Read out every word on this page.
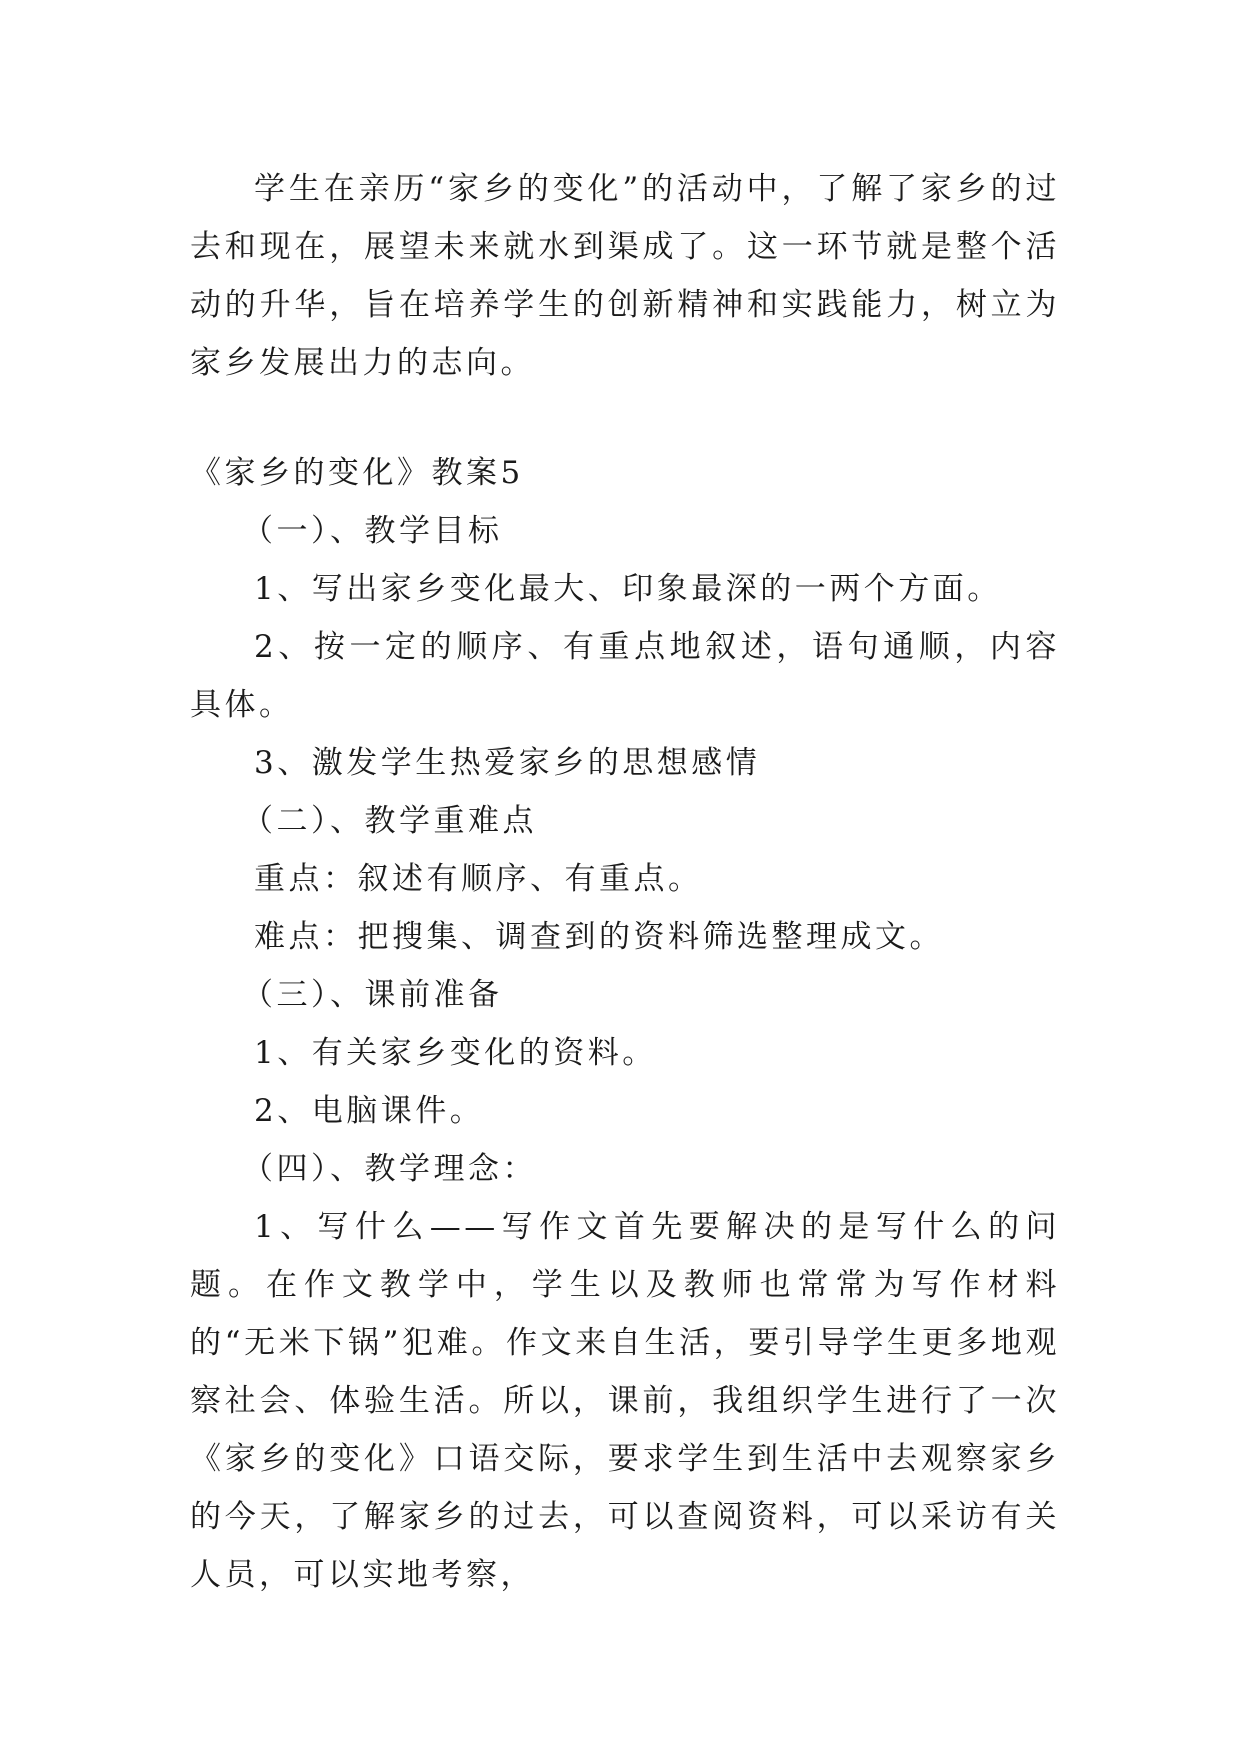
学生在亲历“家乡的变化”的活动中，了解了家乡的过去和现在，展望未来就水到渠成了。这一环节就是整个活动的升华，旨在培养学生的创新精神和实践能力，树立为家乡发展出力的志向。

《家乡的变化》教案5

（一）、教学目标

1、写出家乡变化最大、印象最深的一两个方面。

2、按一定的顺序、有重点地叙述，语句通顺，内容具体。

3、激发学生热爱家乡的思想感情

（二）、教学重难点

重点：叙述有顺序、有重点。

难点：把搜集、调查到的资料筛选整理成文。

（三）、课前准备

1、有关家乡变化的资料。

2、电脑课件。

（四）、教学理念：

1、写什么——写作文首先要解决的是写什么的问题。在作文教学中，学生以及教师也常常为写作材料的“无米下锅”犯难。作文来自生活，要引导学生更多地观察社会、体验生活。所以，课前，我组织学生进行了一次《家乡的变化》口语交际，要求学生到生活中去观察家乡的今天，了解家乡的过去，可以查阅资料，可以采访有关人员，可以实地考察，
